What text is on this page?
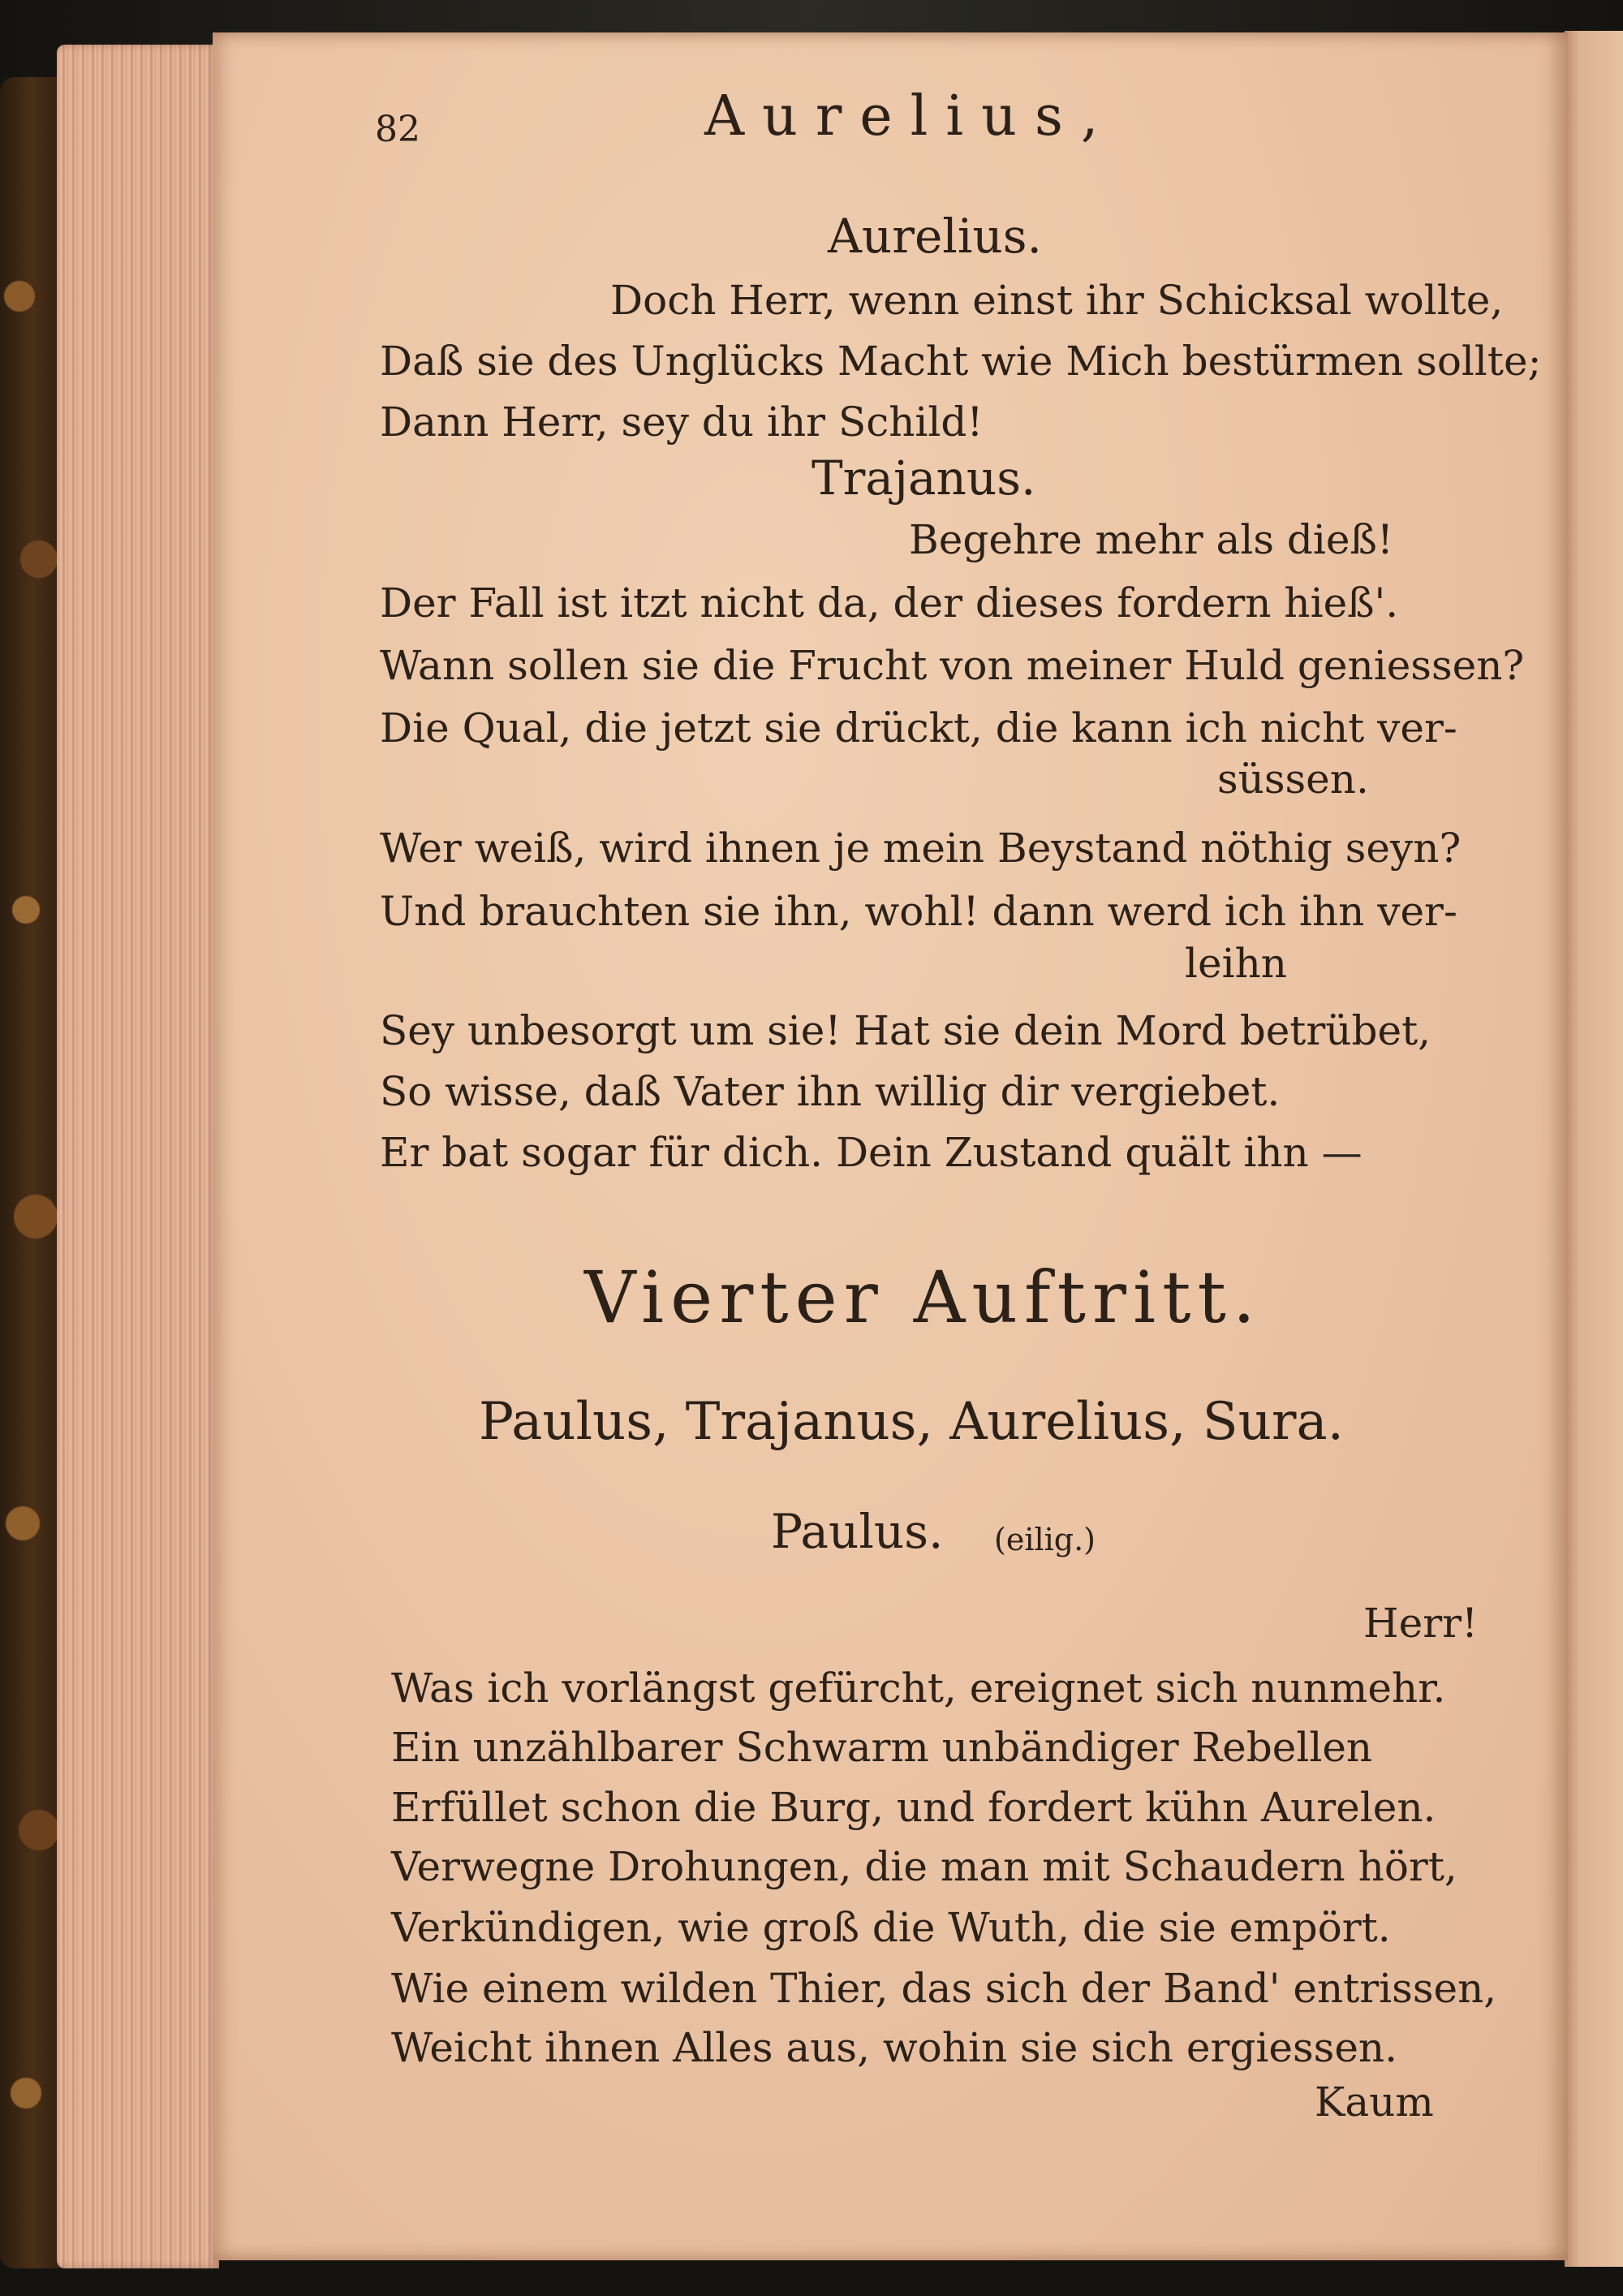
82	Aurelius,
Aurelius.
Doch Herr, wenn einst ihr Schicksal wollte,
Daß sie des Unglücks Macht wie Mich bestürmen sollte;
Dann Herr, sey du ihr Schild!
Trajanus.
Begehre mehr als dieß!
Der Fall ist itzt nicht da, der dieses fordern hieß'.
Wann sollen sie die Frucht von meiner Huld geniessen?
Die Qual, die jetzt sie drückt, die kann ich nicht ver-
süssen.
Wer weiß, wird ihnen je mein Beystand nöthig seyn?
Und brauchten sie ihn, wohl! dann werd ich ihn ver-
leihn
Sey unbesorgt um sie! Hat sie dein Mord betrübet,
So wisse, daß Vater ihn willig dir vergiebet.
Er bat sogar für dich. Dein Zustand quält ihn —
Vierter Auftritt.
Paulus, Trajanus, Aurelius, Sura.
Paulus. (eilig.)
Herr!
Was ich vorlängst gefürcht, ereignet sich nunmehr.
Ein unzählbarer Schwarm unbändiger Rebellen
Erfüllet schon die Burg, und fordert kühn Aurelen.
Verwegne Drohungen, die man mit Schaudern hört,
Verkündigen, wie groß die Wuth, die sie empört.
Wie einem wilden Thier, das sich der Band' entrissen,
Weicht ihnen Alles aus, wohin sie sich ergiessen.
Kaum
